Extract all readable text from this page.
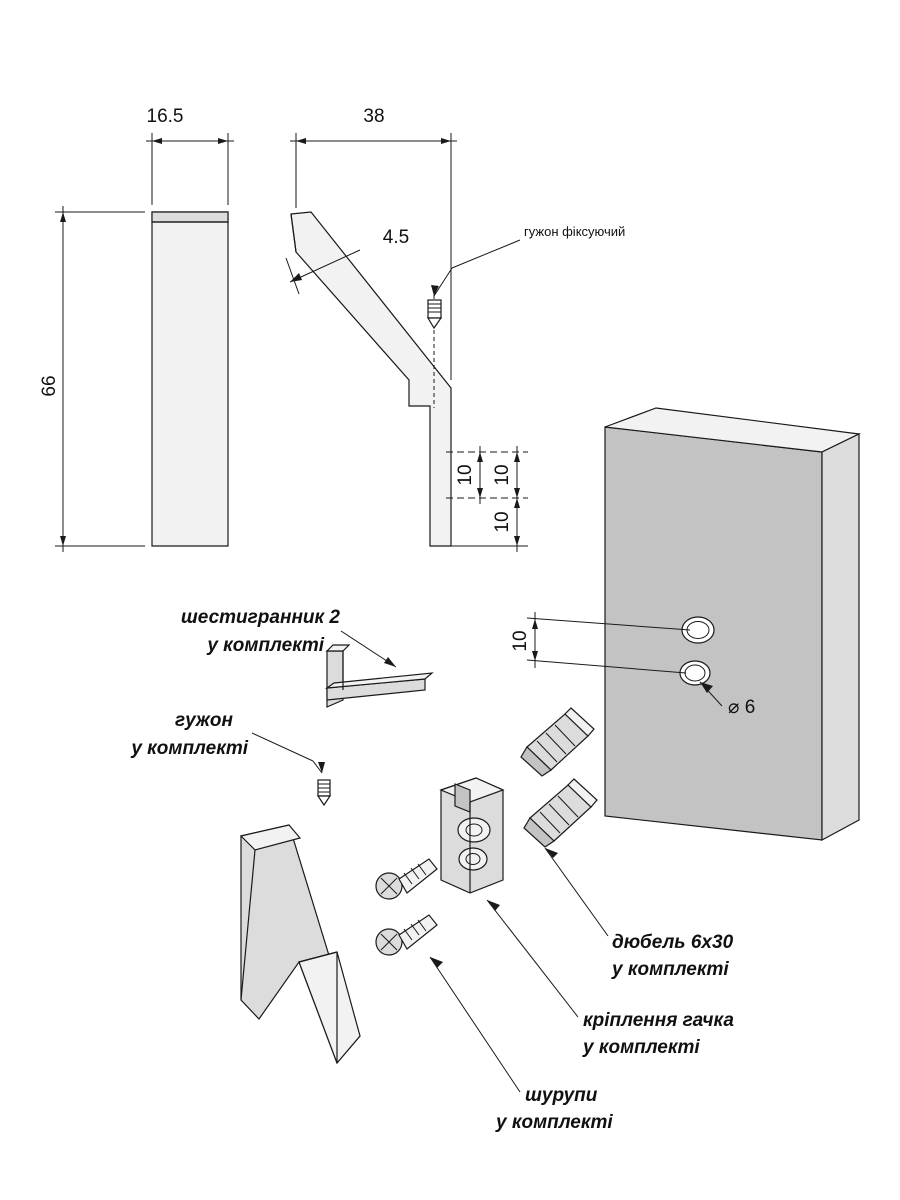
16.5
66
38
4.5	гужон фіксуючий
10 10
10
10
⌀ 6
шестигранник 2
у комплекті
гужон
у комплекті
дюбель 6х30
у комплекті
кріплення гачка
у комплекті
шурупи
у комплекті
